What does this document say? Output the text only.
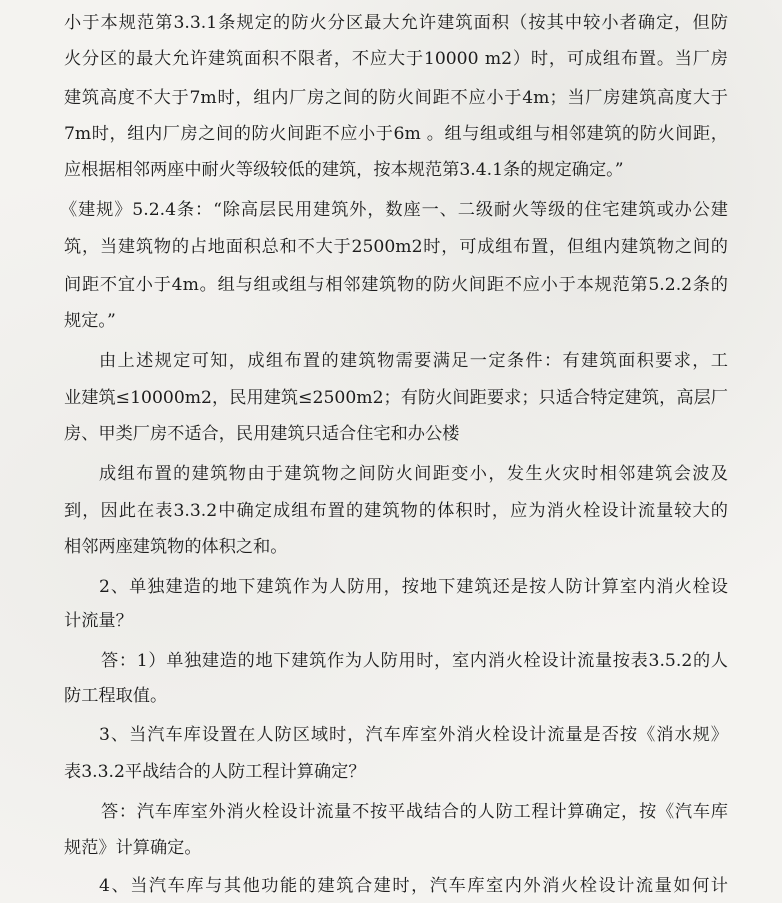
小于本规范第3.3.1条规定的防火分区最大允许建筑面积（按其中较小者确定，但防
火分区的最大允许建筑面积不限者，不应大于10000 m2）时，可成组布置。当厂房
建筑高度不大于7m时，组内厂房之间的防火间距不应小于4m；当厂房建筑高度大于
7m时，组内厂房之间的防火间距不应小于6m 。组与组或组与相邻建筑的防火间距，
应根据相邻两座中耐火等级较低的建筑，按本规范第3.4.1条的规定确定。”
《建规》5.2.4条：“除高层民用建筑外，数座一、二级耐火等级的住宅建筑或办公建
筑，当建筑物的占地面积总和不大于2500m2时，可成组布置，但组内建筑物之间的
间距不宜小于4m。组与组或组与相邻建筑物的防火间距不应小于本规范第5.2.2条的
规定。”
由上述规定可知，成组布置的建筑物需要满足一定条件：有建筑面积要求，工
业建筑≤10000m2，民用建筑≤2500m2；有防火间距要求；只适合特定建筑，高层厂
房、甲类厂房不适合，民用建筑只适合住宅和办公楼
成组布置的建筑物由于建筑物之间防火间距变小，发生火灾时相邻建筑会波及
到，因此在表3.3.2中确定成组布置的建筑物的体积时，应为消火栓设计流量较大的
相邻两座建筑物的体积之和。
2、单独建造的地下建筑作为人防用，按地下建筑还是按人防计算室内消火栓设
计流量？
答：1）单独建造的地下建筑作为人防用时，室内消火栓设计流量按表3.5.2的人
防工程取值。
3、当汽车库设置在人防区域时，汽车库室外消火栓设计流量是否按《消水规》
表3.3.2平战结合的人防工程计算确定？
答：汽车库室外消火栓设计流量不按平战结合的人防工程计算确定，按《汽车库
规范》计算确定。
4、当汽车库与其他功能的建筑合建时，汽车库室内外消火栓设计流量如何计
